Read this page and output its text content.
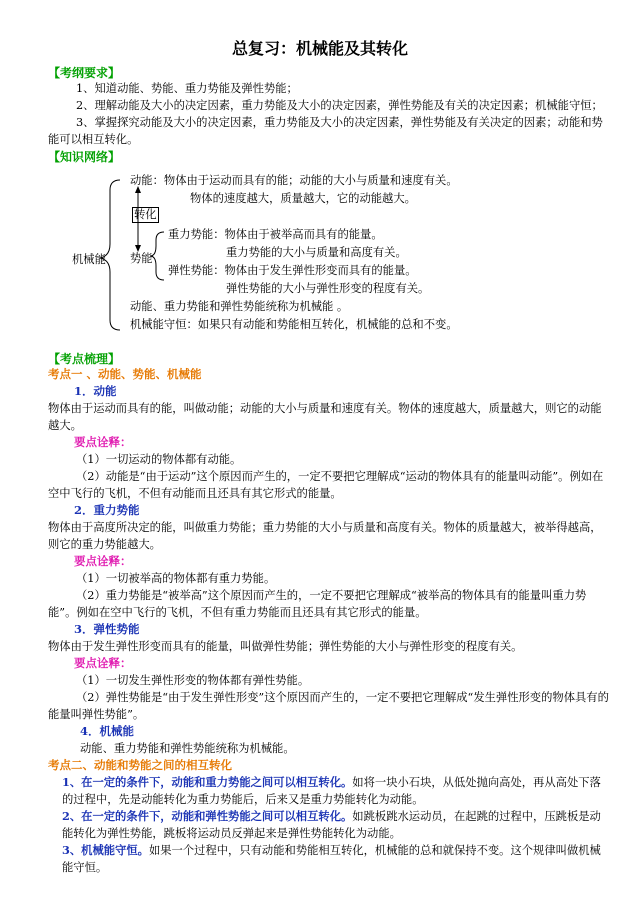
总复习：机械能及其转化
【考纲要求】
1、知道动能、势能、重力势能及弹性势能；
2、理解动能及大小的决定因素，重力势能及大小的决定因素，弹性势能及有关的决定因素；机械能守恒；
3、掌握探究动能及大小的决定因素，重力势能及大小的决定因素，弹性势能及有关决定的因素；动能和势能可以相互转化。
【知识网络】
机械能
动能：物体由于运动而具有的能；动能的大小与质量和速度有关。
物体的速度越大，质量越大，它的动能越大。
转化
势能
重力势能：物体由于被举高而具有的能量。
重力势能的大小与质量和高度有关。
弹性势能：物体由于发生弹性形变而具有的能量。
弹性势能的大小与弹性形变的程度有关。
动能、重力势能和弹性势能统称为机械能 。
机械能守恒：如果只有动能和势能相互转化，机械能的总和不变。
【考点梳理】
考点一 、动能、势能、机械能
1．动能
物体由于运动而具有的能，叫做动能；动能的大小与质量和速度有关。物体的速度越大，质量越大，则它的动能越大。
要点诠释：
（1）一切运动的物体都有动能。
（2）动能是“由于运动”这个原因而产生的，一定不要把它理解成“运动的物体具有的能量叫动能”。例如在空中飞行的飞机，不但有动能而且还具有其它形式的能量。
2．重力势能
物体由于高度所决定的能，叫做重力势能；重力势能的大小与质量和高度有关。物体的质量越大，被举得越高，则它的重力势能越大。
要点诠释：
（1）一切被举高的物体都有重力势能。
（2）重力势能是“被举高”这个原因而产生的，一定不要把它理解成“被举高的物体具有的能量叫重力势能”。例如在空中飞行的飞机，不但有重力势能而且还具有其它形式的能量。
3．弹性势能
物体由于发生弹性形变而具有的能量，叫做弹性势能；弹性势能的大小与弹性形变的程度有关。
要点诠释：
（1）一切发生弹性形变的物体都有弹性势能。
（2）弹性势能是“由于发生弹性形变”这个原因而产生的，一定不要把它理解成“发生弹性形变的物体具有的能量叫弹性势能”。
4．机械能
动能、重力势能和弹性势能统称为机械能。
考点二、动能和势能之间的相互转化
1、在一定的条件下，动能和重力势能之间可以相互转化。如将一块小石块，从低处抛向高处，再从高处下落的过程中，先是动能转化为重力势能后，后来又是重力势能转化为动能。
2、在一定的条件下，动能和弹性势能之间可以相互转化。如跳板跳水运动员，在起跳的过程中，压跳板是动能转化为弹性势能，跳板将运动员反弹起来是弹性势能转化为动能。
3、机械能守恒。如果一个过程中，只有动能和势能相互转化，机械能的总和就保持不变。这个规律叫做机械能守恒。
